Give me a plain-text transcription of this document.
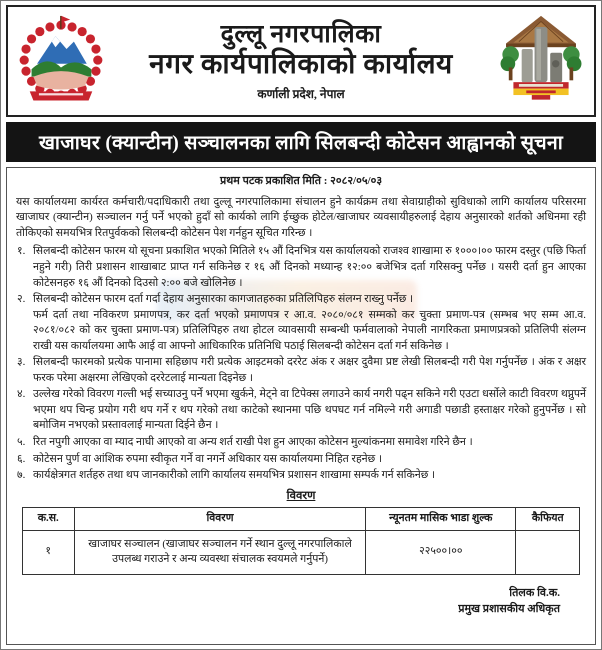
दुल्लू नगरपालिका
नगर कार्यपालिकाको कार्यालय
कर्णाली प्रदेश, नेपाल
खाजाघर (क्यान्टीन) सञ्चालनका लागि सिलबन्दी कोटेसन आह्वानको सूचना
प्रथम पटक प्रकाशित मिति : २०८२/०५/०३
यस कार्यालयमा कार्यरत कर्मचारी/पदाधिकारी तथा दुल्लू नगरपालिकामा संचालन हुने कार्यक्रम तथा सेवाग्राहीको सुविधाको लागि कार्यालय परिसरमा खाजाघर (क्यान्टीन) सञ्चालन गर्नु पर्ने भएको हुदाँ सो कार्यको लागि ईच्छुक होटेल/खाजाघर व्यवसायीहरुलाई देहाय अनुसारको शर्तको अधिनमा रही तोकिएको समयभित्र रितपुर्वकको सिलबन्दी कोटेसन पेश गर्नहुन सूचित गरिन्छ ।
१. सिलबन्दी कोटेसन फारम यो सूचना प्रकाशित भएको मितिले १५ औं दिनभित्र यस कार्यालयको राजश्व शाखामा रु १०००।०० फारम दस्तुर (पछि फिर्ता नहुने गरी) तिरी प्रशासन शाखाबाट प्राप्त गर्न सकिनेछ र १६ औं दिनको मध्यान्ह १२:०० बजेभित्र दर्ता गरिसक्नु पर्नेछ । यसरी दर्ता हुन आएका कोटेसनहरु १६ औं दिनको दिउसो २:०० बजे खोलिनेछ ।
२. सिलबन्दी कोटेसन फारम दर्ता गर्दा देहाय अनुसारका कागजातहरुका प्रतिलिपिहरु संलग्न राख्नु पर्नेछ ।
फर्म दर्ता तथा नविकरण प्रमाणपत्र, कर दर्ता भएको प्रमाणपत्र र आ.व. २०८०/०८१ सम्मको कर चुक्ता प्रमाण-पत्र (सम्भब भए सम्म आ.व. २०८१/०८२ को कर चुक्ता प्रमाण-पत्र) प्रतिलिपिहरु तथा होटल व्यावसायी सम्बन्धी फर्मवालाको नेपाली नागरिकता प्रमाणप्रत्रको प्रतिलिपी संलग्न राखी यस कार्यालयमा आफै आई वा आफ्नो आधिकारिक प्रतिनिधि पठाई सिलबन्दी कोटेसन दर्ता गर्न सकिनेछ ।
३. सिलबन्दी फारमको प्रत्येक पानामा सहिछाप गरी प्रत्येक आइटमको दररेट अंक र अक्षर दुवैमा प्रष्ट लेखी सिलबन्दी गरी पेश गर्नुपर्नेछ । अंक र अक्षर फरक परेमा अक्षरमा लेखिएको दररेटलाई मान्यता दिइनेछ ।
४. उल्लेख गरेको विवरण गल्ती भई सच्याउनु पर्ने भएमा खुर्कने, मेट्ने वा टिपेक्स लगाउने कार्य नगरी पढ्न सकिने गरी एउटा धर्सोले काटी विवरण थप्नुपर्ने भएमा थप चिन्ह प्रयोग गरी थप गर्ने र थप गरेको तथा काटेको स्थानमा पछि थपघट गर्न नमिल्ने गरी अगाडी पछाडी हस्ताक्षर गरेको हुनुपर्नेछ । सो बमोजिम नभएको प्रस्तावलाई मान्यता दिईने छैन ।
५. रित नपुगी आएका वा म्याद नाघी आएको वा अन्य शर्त राखी पेश हुन आएका कोटेसन मुल्यांकनमा समावेश गरिने छैन ।
६. कोटेसन पुर्ण वा आंशिक रुपमा स्वीकृत गर्ने वा नगर्ने अधिकार यस कार्यालयमा निहित रहनेछ ।
७. कार्यक्षेत्रगत शर्तहरु तथा थप जानकारीको लागि कार्यालय समयभित्र प्रशासन शाखामा सम्पर्क गर्न सकिनेछ ।
विवरण
क.स.	विवरण	न्यूनतम मासिक भाडा शुल्क	कैफियत
१	खाजाघर सञ्चालन (खाजाघर सञ्चालन गर्ने स्थान दुल्लू नगरपालिकाले उपलब्ध गराउने र अन्य व्यवस्था संचालक स्वयमले गर्नुपर्ने)	२२५००।००	
तिलक वि.क.
प्रमुख प्रशासकीय अधिकृत
